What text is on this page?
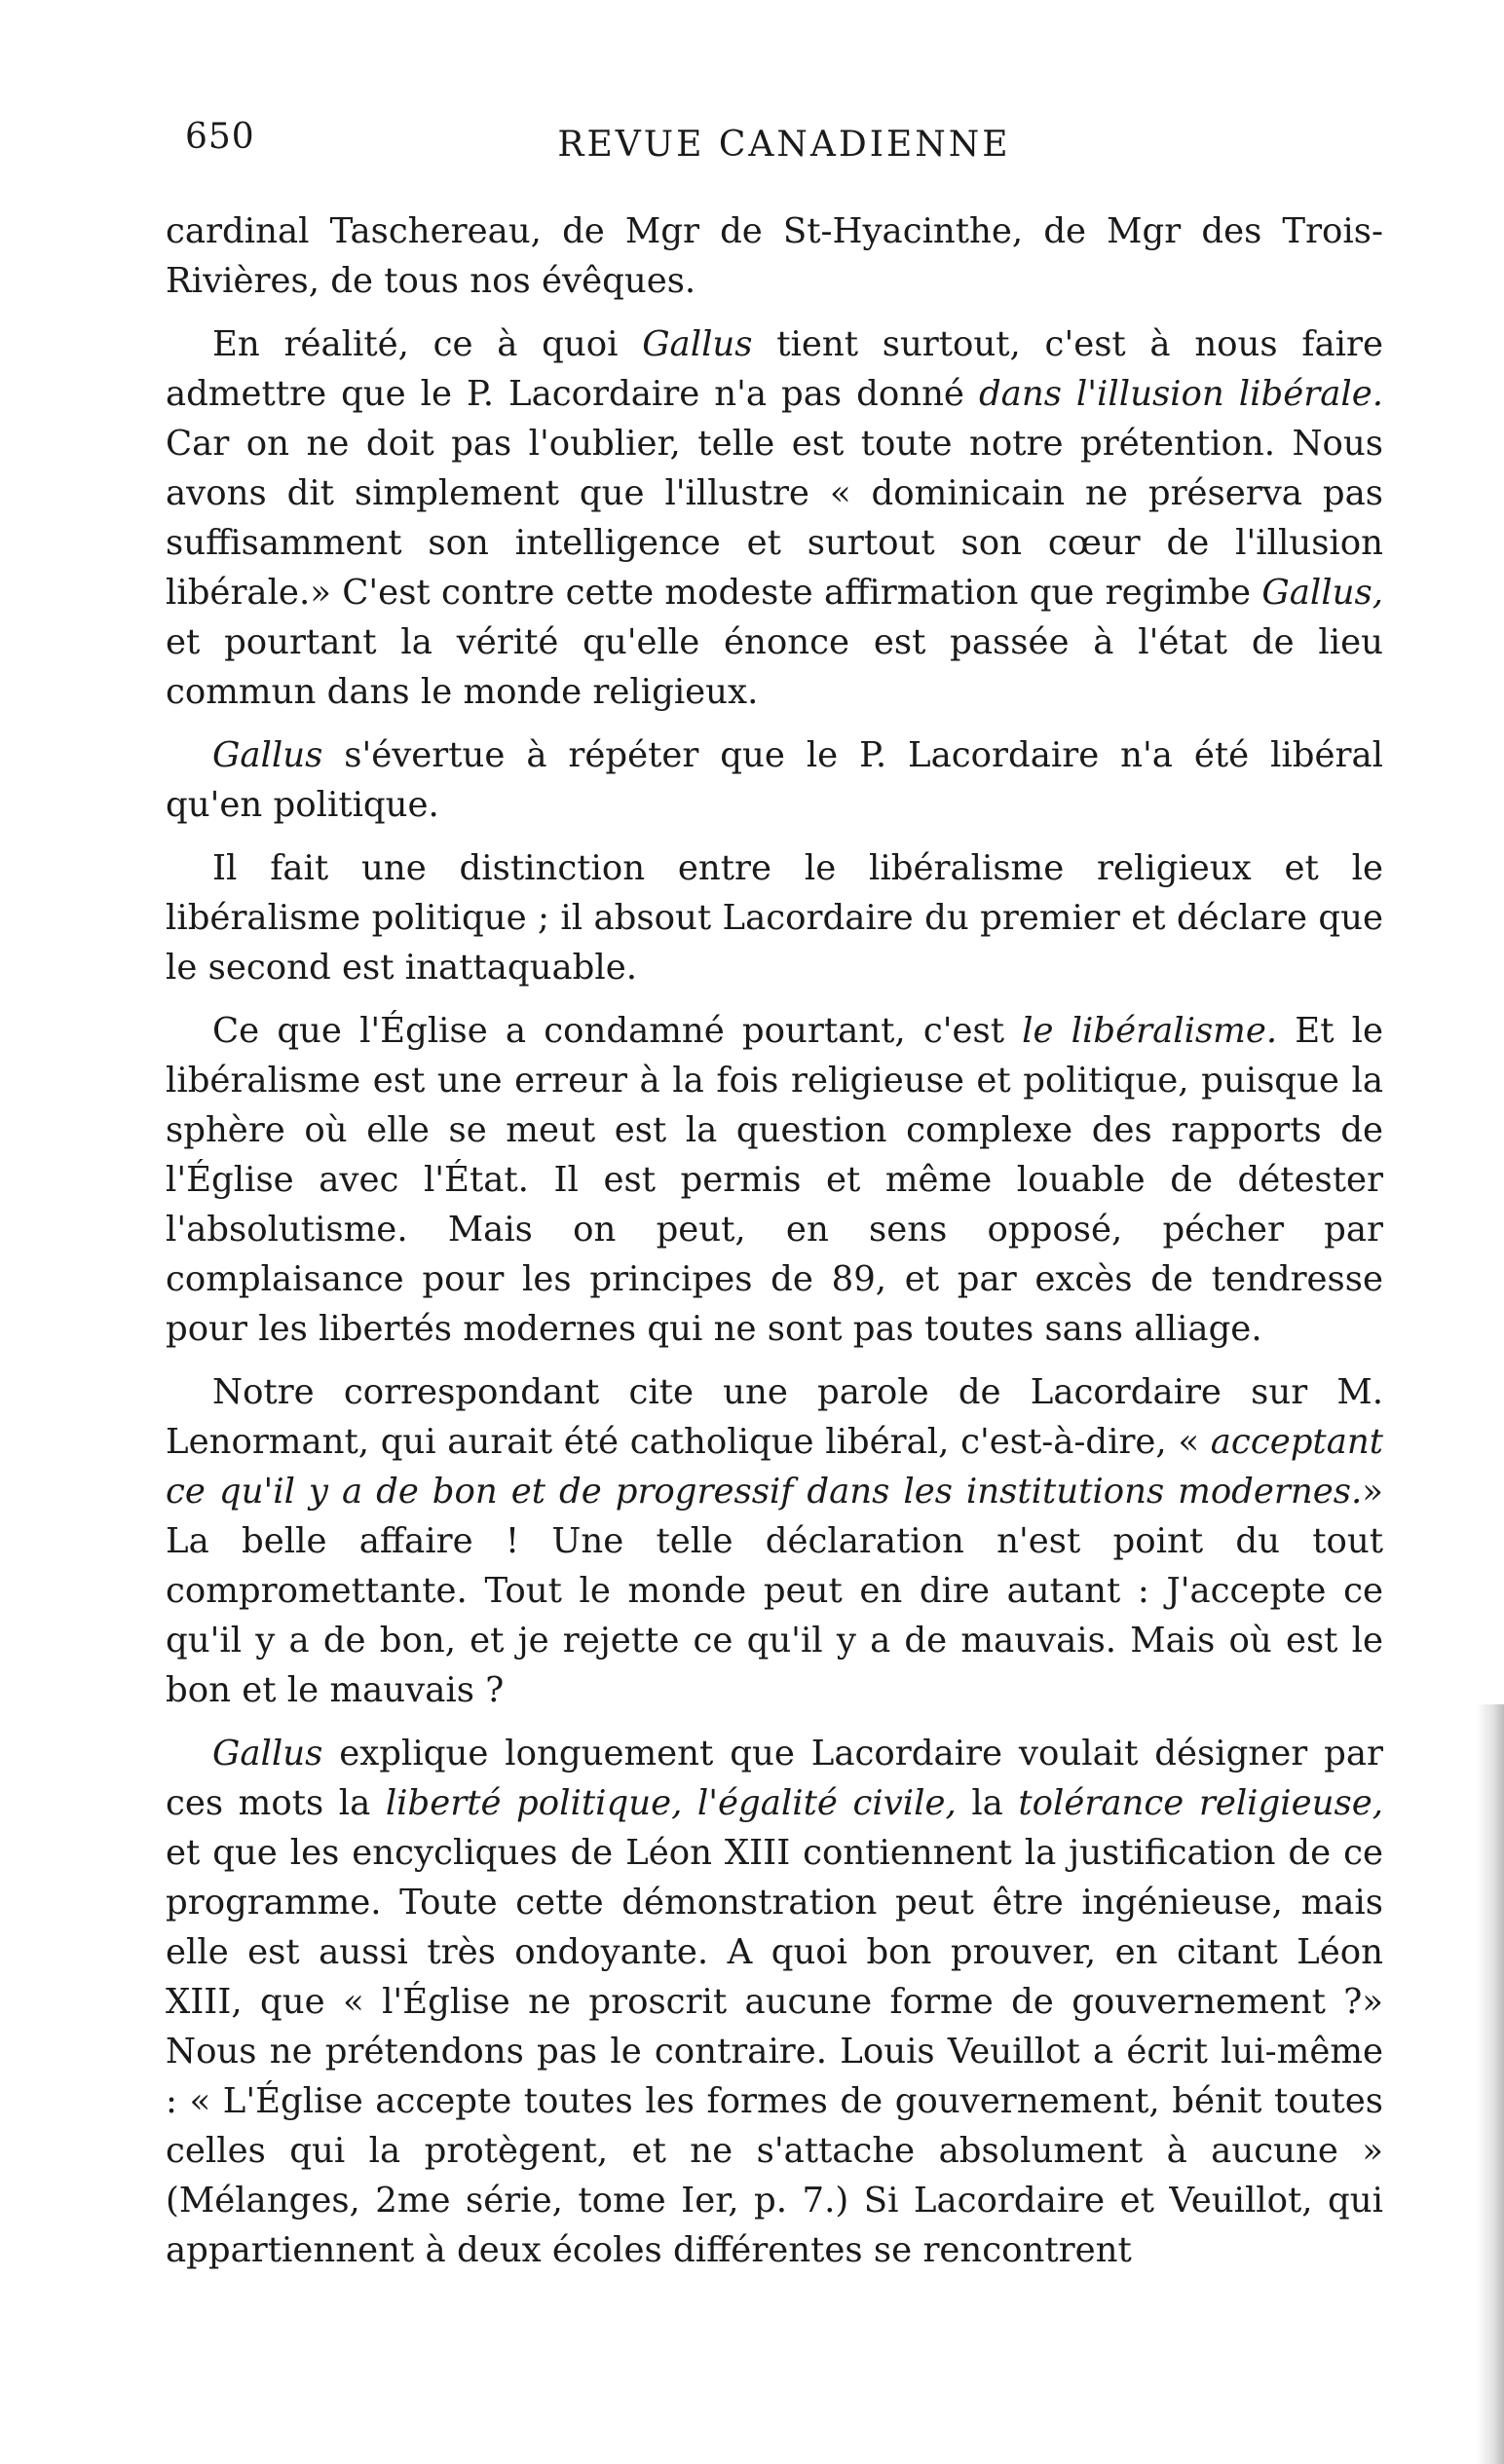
650	REVUE CANADIENNE

cardinal Taschereau, de Mgr de St-Hyacinthe, de Mgr des Trois-Rivières, de tous nos évêques.

En réalité, ce à quoi Gallus tient surtout, c'est à nous faire admettre que le P. Lacordaire n'a pas donné dans l'illusion libérale. Car on ne doit pas l'oublier, telle est toute notre prétention. Nous avons dit simplement que l'illustre « dominicain ne préserva pas suffisamment son intelligence et surtout son cœur de l'illusion libérale.» C'est contre cette modeste affirmation que regimbe Gallus, et pourtant la vérité qu'elle énonce est passée à l'état de lieu commun dans le monde religieux.

Gallus s'évertue à répéter que le P. Lacordaire n'a été libéral qu'en politique.

Il fait une distinction entre le libéralisme religieux et le libéralisme politique ; il absout Lacordaire du premier et déclare que le second est inattaquable.

Ce que l'Église a condamné pourtant, c'est le libéralisme. Et le libéralisme est une erreur à la fois religieuse et politique, puisque la sphère où elle se meut est la question complexe des rapports de l'Église avec l'État. Il est permis et même louable de détester l'absolutisme. Mais on peut, en sens opposé, pécher par complaisance pour les principes de 89, et par excès de tendresse pour les libertés modernes qui ne sont pas toutes sans alliage.

Notre correspondant cite une parole de Lacordaire sur M. Lenormant, qui aurait été catholique libéral, c'est-à-dire, « acceptant ce qu'il y a de bon et de progressif dans les institutions modernes.» La belle affaire ! Une telle déclaration n'est point du tout compromettante. Tout le monde peut en dire autant : J'accepte ce qu'il y a de bon, et je rejette ce qu'il y a de mauvais. Mais où est le bon et le mauvais ?

Gallus explique longuement que Lacordaire voulait désigner par ces mots la liberté politique, l'égalité civile, la tolérance religieuse, et que les encycliques de Léon XIII contiennent la justification de ce programme. Toute cette démonstration peut être ingénieuse, mais elle est aussi très ondoyante. A quoi bon prouver, en citant Léon XIII, que « l'Église ne proscrit aucune forme de gouvernement ?» Nous ne prétendons pas le contraire. Louis Veuillot a écrit lui-même : « L'Église accepte toutes les formes de gouvernement, bénit toutes celles qui la protègent, et ne s'attache absolument à aucune » (Mélanges, 2me série, tome Ier, p. 7.) Si Lacordaire et Veuillot, qui appartiennent à deux écoles différentes se rencontrent
